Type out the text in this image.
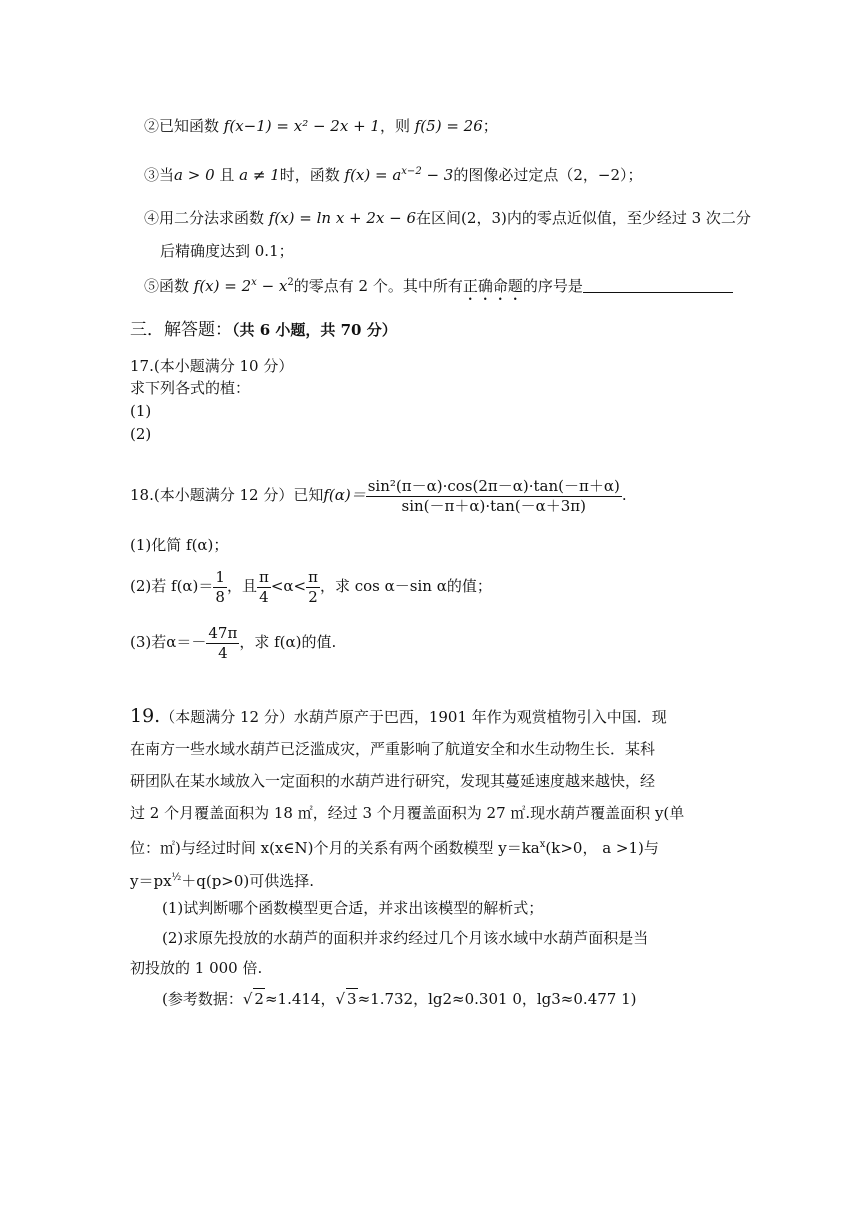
②已知函数 f(x−1) = x² − 2x + 1，则 f(5) = 26；
③当a > 0 且 a ≠ 1时，函数 $f(x) = a^{x-2} - 3$的图像必过定点（2，−2）；
④用二分法求函数 f(x) = ln x + 2x − 6在区间(2，3)内的零点近似值，至少经过 3 次二分
后精确度达到 0.1；
⑤函数 $f(x) = 2^x - x^2$的零点有 2 个。其中所有正确命题的序号是
三．解答题：（共 6 小题，共 70 分）
17.(本小题满分 10 分）
求下列各式的植：
(1)
(2)
18.(本小题满分 12 分）已知$f(\alpha)= \frac{\text{sin²(π－α)·cos(2π－α)·tan(－π＋α)}}{\sin(-\pi+\alpha)\cdot\tan(-\alpha+3\pi)}$ .
(1)化简 f(α)；
(2)若 $f(\alpha)= \frac{1}{8}$ ，且 $\frac{\pi}{4} <\alpha< \frac{\pi}{2}$ ，求 cos α－sin α的值；
(3)若$\alpha=- \frac{47\pi}{4}$ ，求 f(α)的值.
19.（本题满分 12 分）水葫芦原产于巴西，1901 年作为观赏植物引入中国．现
在南方一些水域水葫芦已泛滥成灾，严重影响了航道安全和水生动物生长．某科
研团队在某水域放入一定面积的水葫芦进行研究，发现其蔓延速度越来越快，经
过 2 个月覆盖面积为 18 ㎡，经过 3 个月覆盖面积为 27 ㎡.现水葫芦覆盖面积 y(单
位：㎡)与经过时间 x(x∈N)个月的关系有两个函数模型 $y=ka^x(k>0$， a >1)与
$y=px^{\frac{1}{2}}+q(p>0)$可供选择.
(1)试判断哪个函数模型更合适，并求出该模型的解析式；
(2)求原先投放的水葫芦的面积并求约经过几个月该水域中水葫芦面积是当
初投放的 1 000 倍.
(参考数据：√ 2≈1.414，√ 3≈1.732，lg2≈0.301 0，lg3≈0.477 1)
